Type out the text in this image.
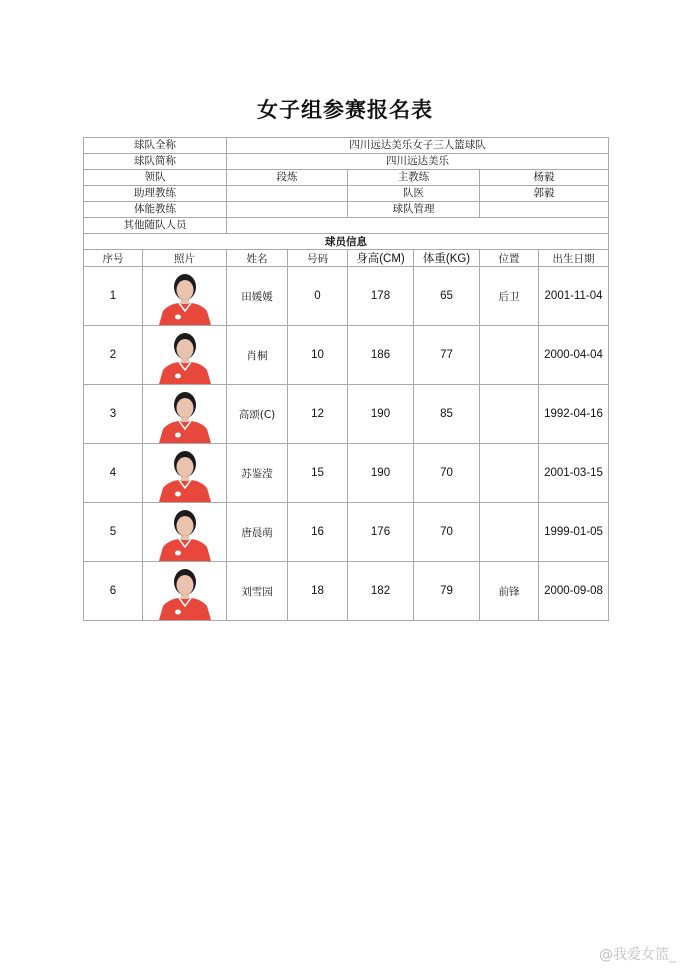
女子组参赛报名表
球队全称		四川远达美乐女子三人篮球队					
球队简称		四川远达美乐					
领队		段炼		主教练		杨毅	
助理教练				队医		郭毅	
体能教练				球队管理			
其他随队人员							
球员信息							
序号	照片	姓名	号码	身高(CM)	体重(KG)	位置	出生日期
1		田媛媛	0	178	65	后卫	2001-11-04
2		肖桐	10	186	77		2000-04-04
3		高颂(C)	12	190	85		1992-04-16
4		苏鉴滢	15	190	70		2001-03-15
5		唐晨萌	16	176	70		1999-01-05
6		刘雪园	18	182	79	前锋	2000-09-08
@我爱女篮_
